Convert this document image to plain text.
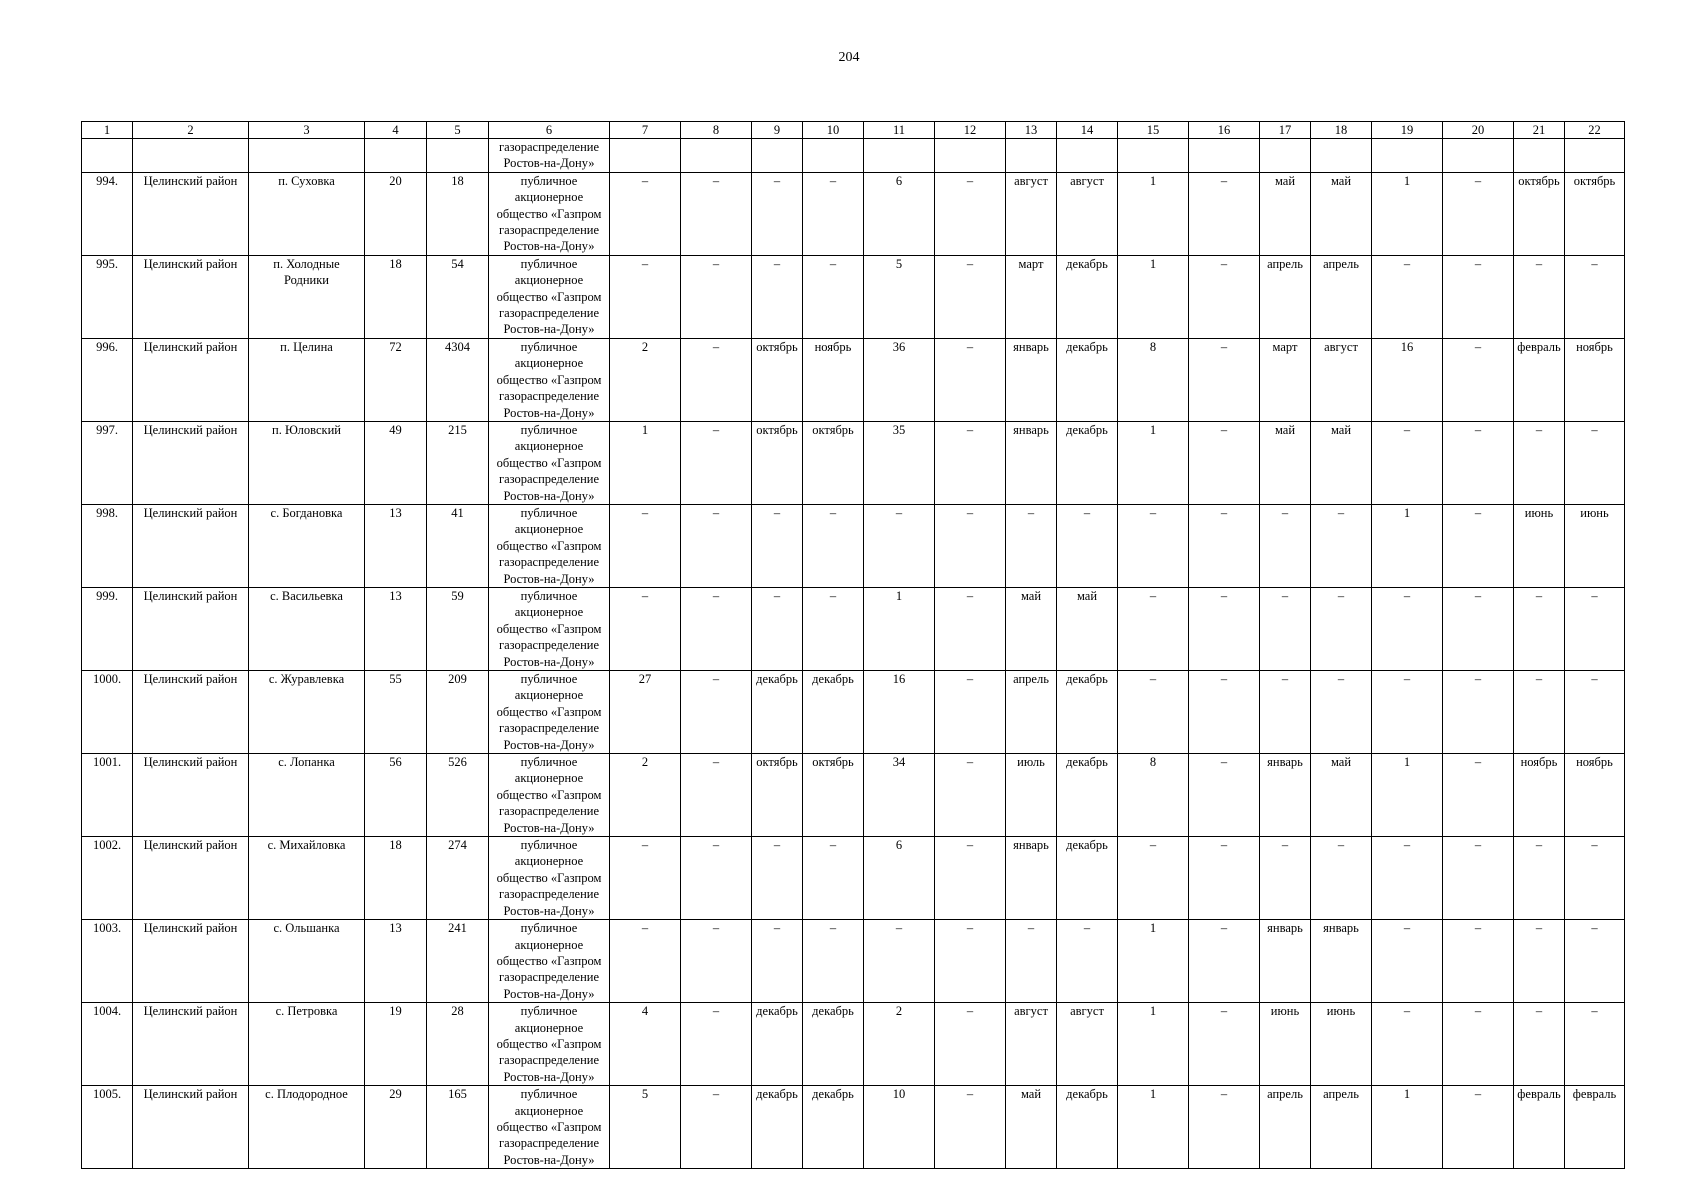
204
1	2	3	4	5	6	7	8	9	10	11	12	13	14	15	16	17	18	19	20	21	22
					газораспределение Ростов-на-Дону»																
994.	Целинский район	п. Суховка	20	18	публичное акционерное общество «Газпром газораспределение Ростов-на-Дону»	–	–	–	–	6	–	август	август	1	–	май	май	1	–	октябрь	октябрь
995.	Целинский район	п. Холодные Родники	18	54	публичное акционерное общество «Газпром газораспределение Ростов-на-Дону»	–	–	–	–	5	–	март	декабрь	1	–	апрель	апрель	–	–	–	–
996.	Целинский район	п. Целина	72	4304	публичное акционерное общество «Газпром газораспределение Ростов-на-Дону»	2	–	октябрь	ноябрь	36	–	январь	декабрь	8	–	март	август	16	–	февраль	ноябрь
997.	Целинский район	п. Юловский	49	215	публичное акционерное общество «Газпром газораспределение Ростов-на-Дону»	1	–	октябрь	октябрь	35	–	январь	декабрь	1	–	май	май	–	–	–	–
998.	Целинский район	с. Богдановка	13	41	публичное акционерное общество «Газпром газораспределение Ростов-на-Дону»	–	–	–	–	–	–	–	–	–	–	–	–	1	–	июнь	июнь
999.	Целинский район	с. Васильевка	13	59	публичное акционерное общество «Газпром газораспределение Ростов-на-Дону»	–	–	–	–	1	–	май	май	–	–	–	–	–	–	–	–
1000.	Целинский район	с. Журавлевка	55	209	публичное акционерное общество «Газпром газораспределение Ростов-на-Дону»	27	–	декабрь	декабрь	16	–	апрель	декабрь	–	–	–	–	–	–	–	–
1001.	Целинский район	с. Лопанка	56	526	публичное акционерное общество «Газпром газораспределение Ростов-на-Дону»	2	–	октябрь	октябрь	34	–	июль	декабрь	8	–	январь	май	1	–	ноябрь	ноябрь
1002.	Целинский район	с. Михайловка	18	274	публичное акционерное общество «Газпром газораспределение Ростов-на-Дону»	–	–	–	–	6	–	январь	декабрь	–	–	–	–	–	–	–	–
1003.	Целинский район	с. Ольшанка	13	241	публичное акционерное общество «Газпром газораспределение Ростов-на-Дону»	–	–	–	–	–	–	–	–	1	–	январь	январь	–	–	–	–
1004.	Целинский район	с. Петровка	19	28	публичное акционерное общество «Газпром газораспределение Ростов-на-Дону»	4	–	декабрь	декабрь	2	–	август	август	1	–	июнь	июнь	–	–	–	–
1005.	Целинский район	с. Плодородное	29	165	публичное акционерное общество «Газпром газораспределение Ростов-на-Дону»	5	–	декабрь	декабрь	10	–	май	декабрь	1	–	апрель	апрель	1	–	февраль	февраль
